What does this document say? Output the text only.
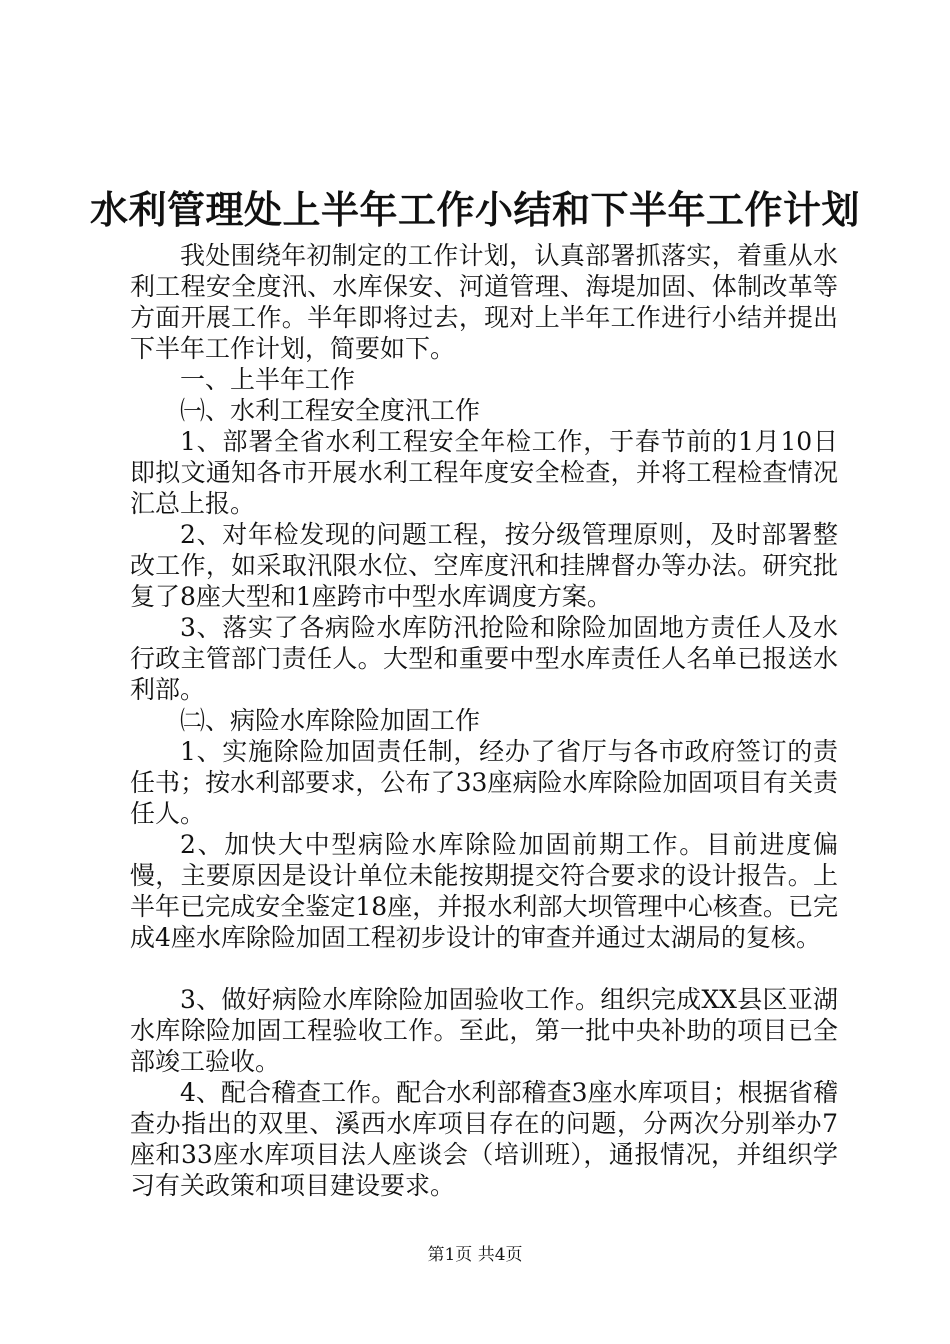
水利管理处上半年工作小结和下半年工作计划

我处围绕年初制定的工作计划，认真部署抓落实，着重从水利工程安全度汛、水库保安、河道管理、海堤加固、体制改革等方面开展工作。半年即将过去，现对上半年工作进行小结并提出下半年工作计划，简要如下。

一、上半年工作

㈠、水利工程安全度汛工作

1、部署全省水利工程安全年检工作，于春节前的1月10日即拟文通知各市开展水利工程年度安全检查，并将工程检查情况汇总上报。

2、对年检发现的问题工程，按分级管理原则，及时部署整改工作，如采取汛限水位、空库度汛和挂牌督办等办法。研究批复了8座大型和1座跨市中型水库调度方案。

3、落实了各病险水库防汛抢险和除险加固地方责任人及水行政主管部门责任人。大型和重要中型水库责任人名单已报送水利部。

㈡、病险水库除险加固工作

1、实施除险加固责任制，经办了省厅与各市政府签订的责任书；按水利部要求，公布了33座病险水库除险加固项目有关责任人。

2、加快大中型病险水库除险加固前期工作。目前进度偏慢，主要原因是设计单位未能按期提交符合要求的设计报告。上半年已完成安全鉴定18座，并报水利部大坝管理中心核查。已完成4座水库除险加固工程初步设计的审查并通过太湖局的复核。

3、做好病险水库除险加固验收工作。组织完成XX县区亚湖水库除险加固工程验收工作。至此，第一批中央补助的项目已全部竣工验收。

4、配合稽查工作。配合水利部稽查3座水库项目；根据省稽查办指出的双里、溪西水库项目存在的问题，分两次分别举办7座和33座水库项目法人座谈会（培训班），通报情况，并组织学习有关政策和项目建设要求。

第1页 共4页
